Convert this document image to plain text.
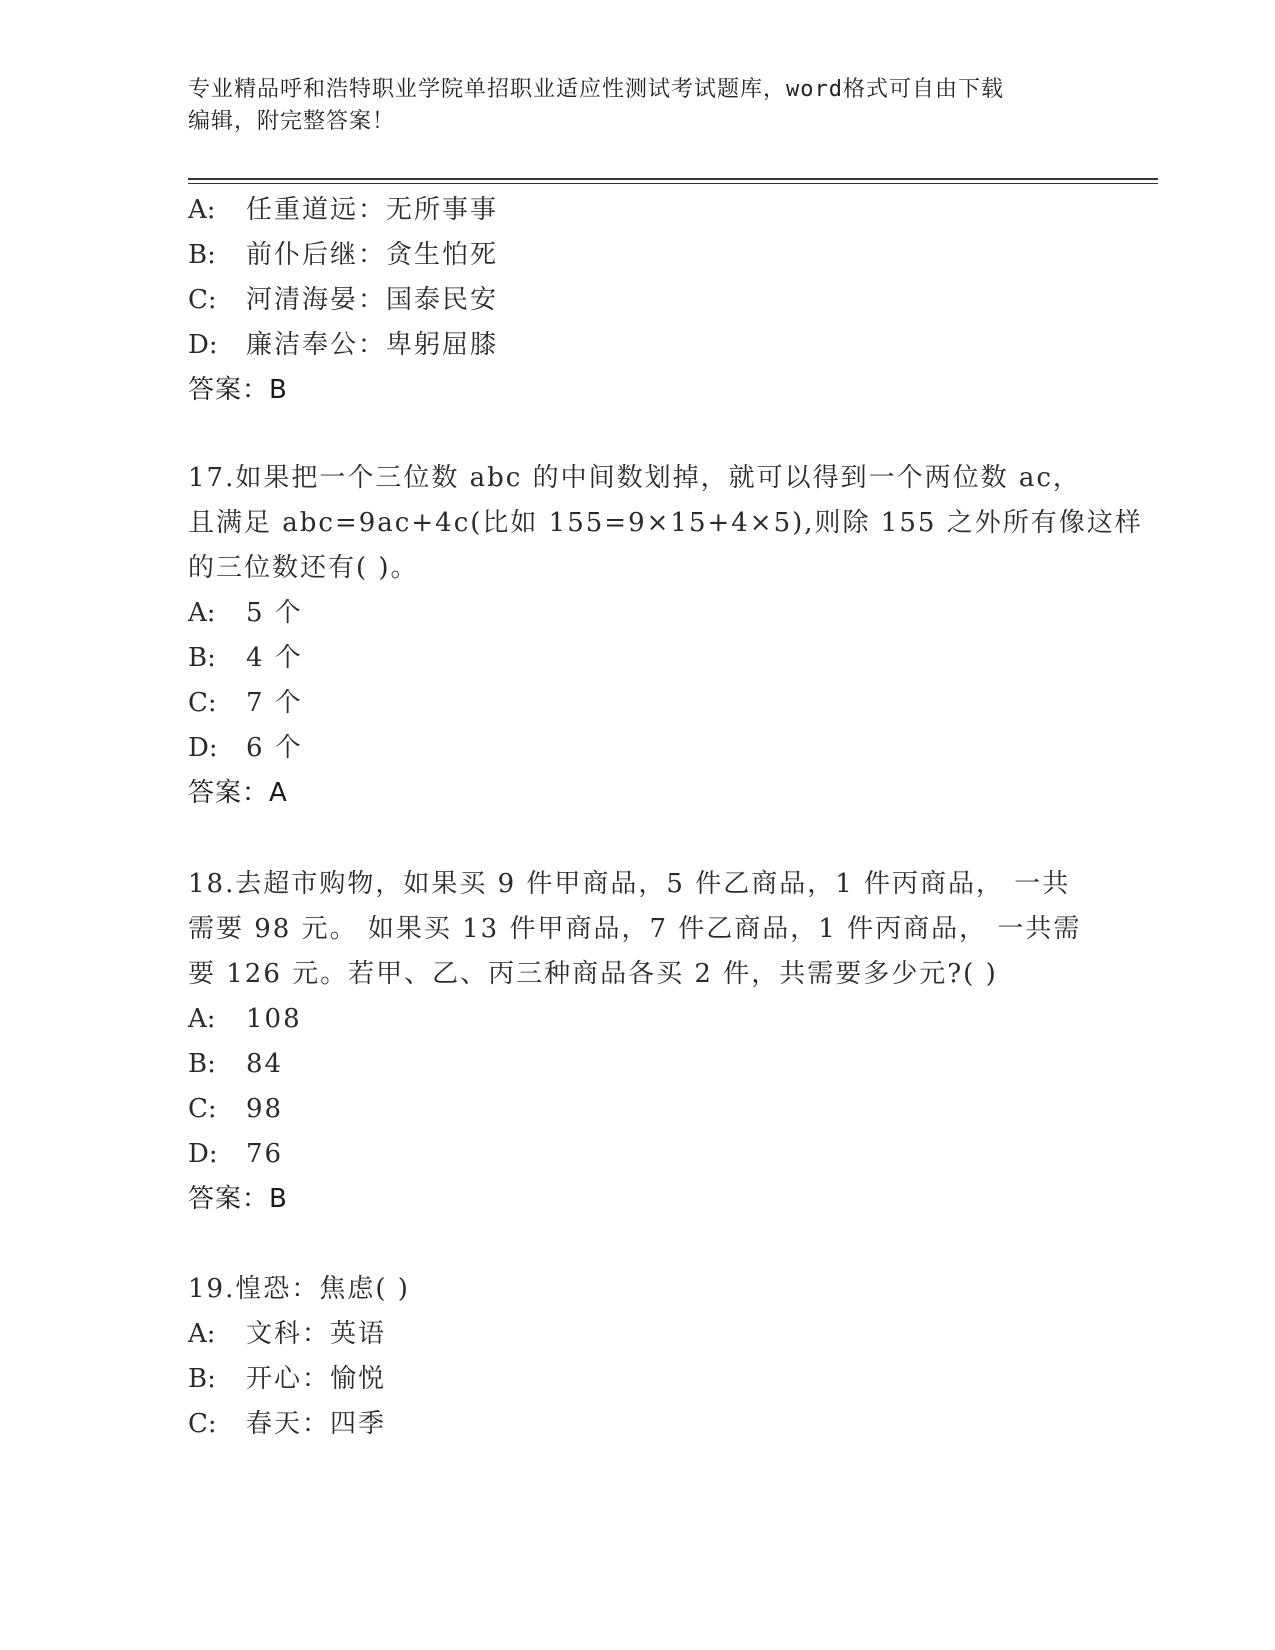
专业精品呼和浩特职业学院单招职业适应性测试考试题库，word格式可自由下载
编辑，附完整答案！
A: 任重道远：无所事事
B: 前仆后继：贪生怕死
C: 河清海晏：国泰民安
D: 廉洁奉公：卑躬屈膝
答案：B
17.如果把一个三位数 abc 的中间数划掉，就可以得到一个两位数 ac，
且满足 abc=9ac+4c(比如 155=9×15+4×5),则除 155 之外所有像这样
的三位数还有( )。
A: 5 个
B: 4 个
C: 7 个
D: 6 个
答案：A
18.去超市购物，如果买 9 件甲商品，5 件乙商品，1 件丙商品， 一共
需要 98 元。 如果买 13 件甲商品，7 件乙商品，1 件丙商品， 一共需
要 126 元。若甲、乙、丙三种商品各买 2 件，共需要多少元?( )
A: 108
B: 84
C: 98
D: 76
答案：B
19.惶恐：焦虑( )
A: 文科：英语
B: 开心：愉悦
C: 春天：四季
